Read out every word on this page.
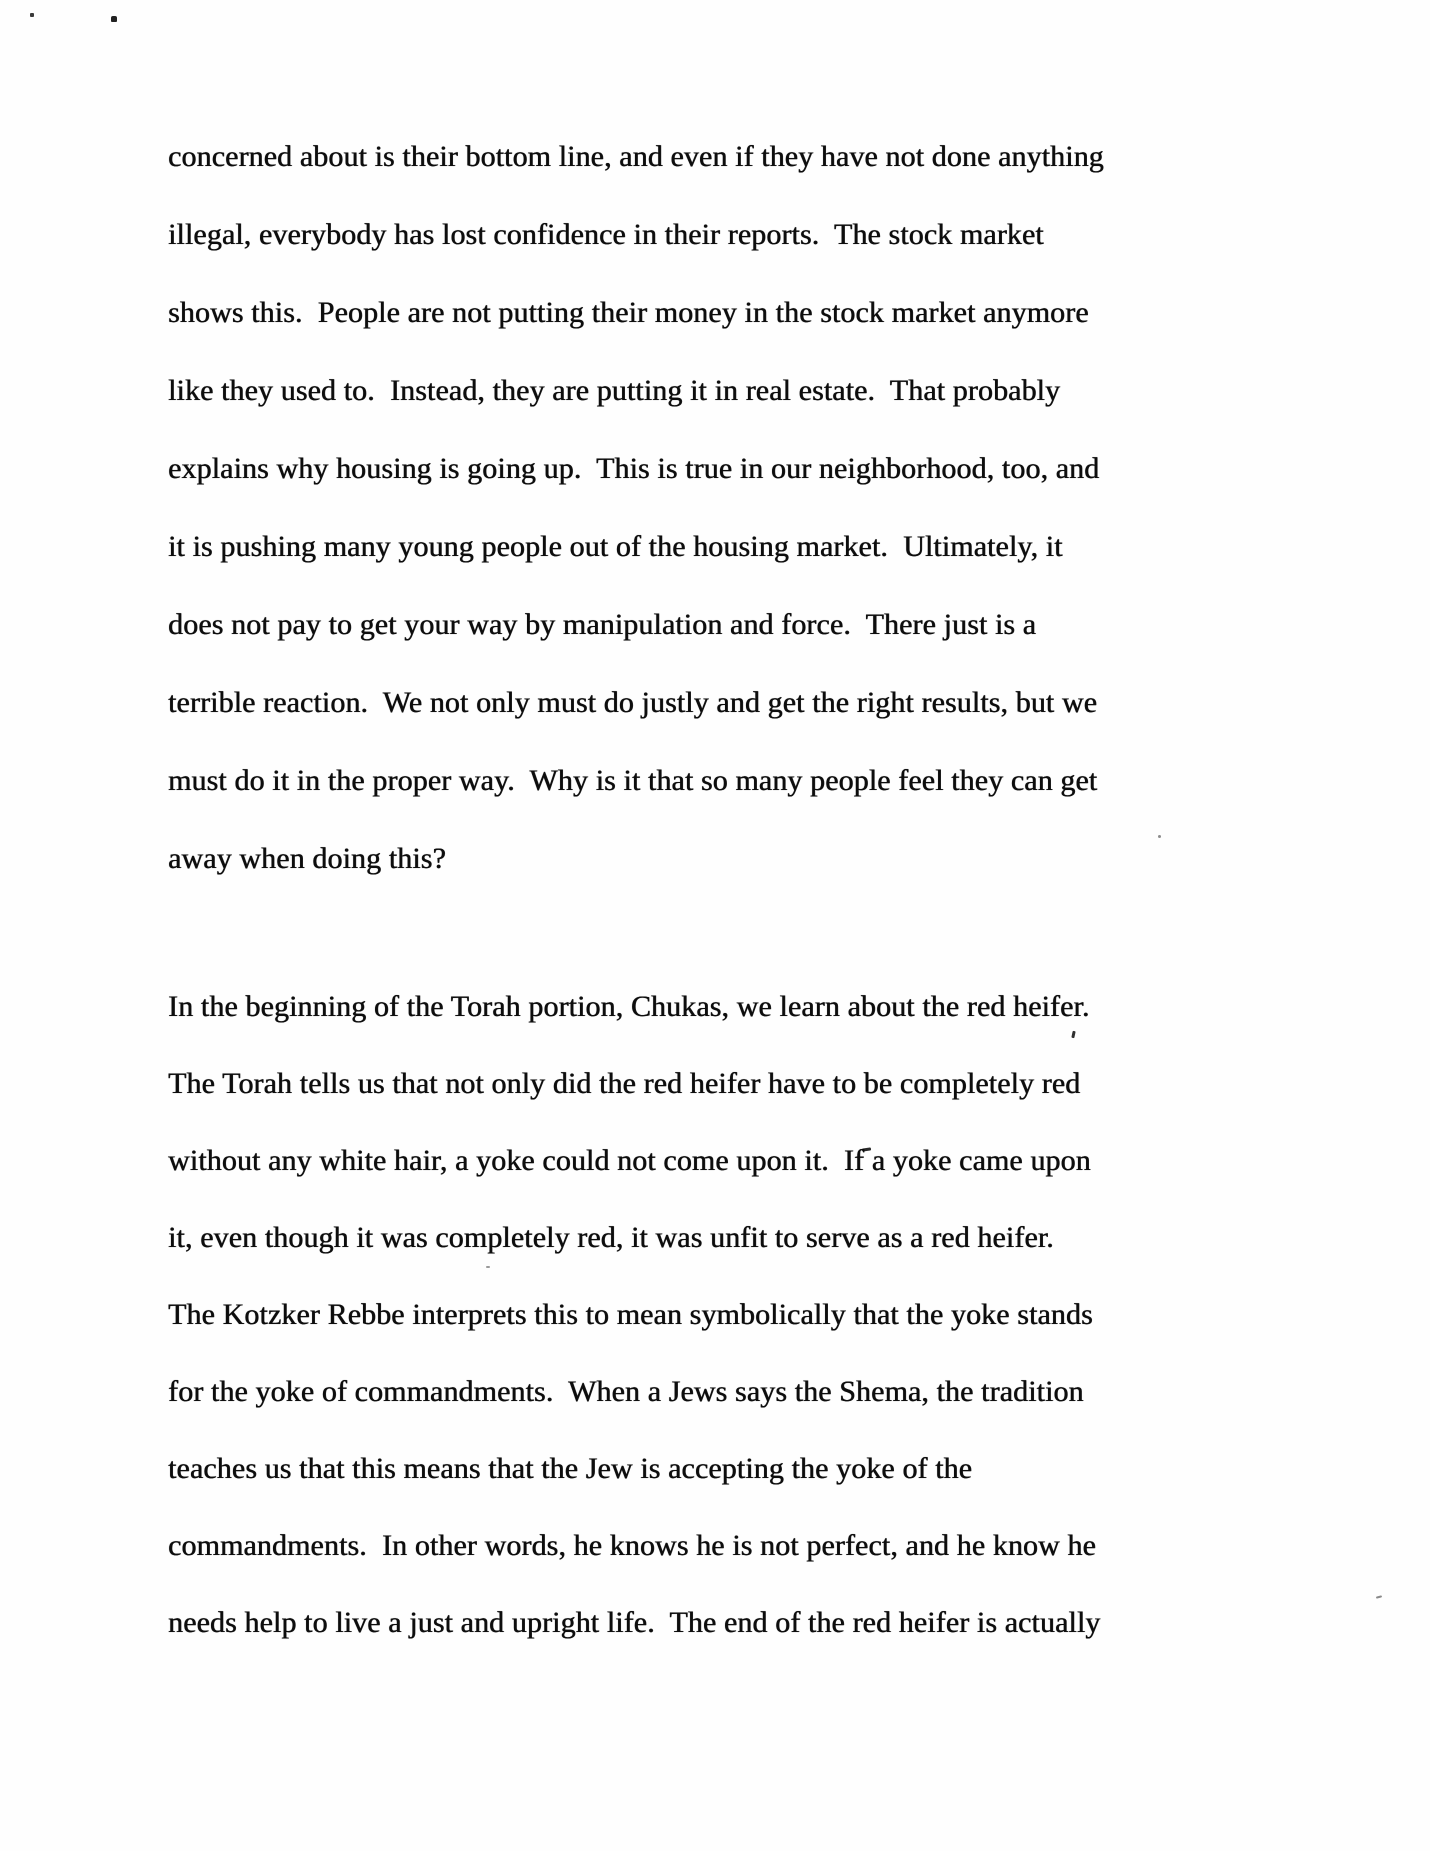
concerned about is their bottom line, and even if they have not done anything
illegal, everybody has lost confidence in their reports.  The stock market
shows this.  People are not putting their money in the stock market anymore
like they used to.  Instead, they are putting it in real estate.  That probably
explains why housing is going up.  This is true in our neighborhood, too, and
it is pushing many young people out of the housing market.  Ultimately, it
does not pay to get your way by manipulation and force.  There just is a
terrible reaction.  We not only must do justly and get the right results, but we
must do it in the proper way.  Why is it that so many people feel they can get
away when doing this?
In the beginning of the Torah portion, Chukas, we learn about the red heifer.
The Torah tells us that not only did the red heifer have to be completely red
without any white hair, a yoke could not come upon it.  If a yoke came upon
it, even though it was completely red, it was unfit to serve as a red heifer.
The Kotzker Rebbe interprets this to mean symbolically that the yoke stands
for the yoke of commandments.  When a Jews says the Shema, the tradition
teaches us that this means that the Jew is accepting the yoke of the
commandments.  In other words, he knows he is not perfect, and he know he
needs help to live a just and upright life.  The end of the red heifer is actually
